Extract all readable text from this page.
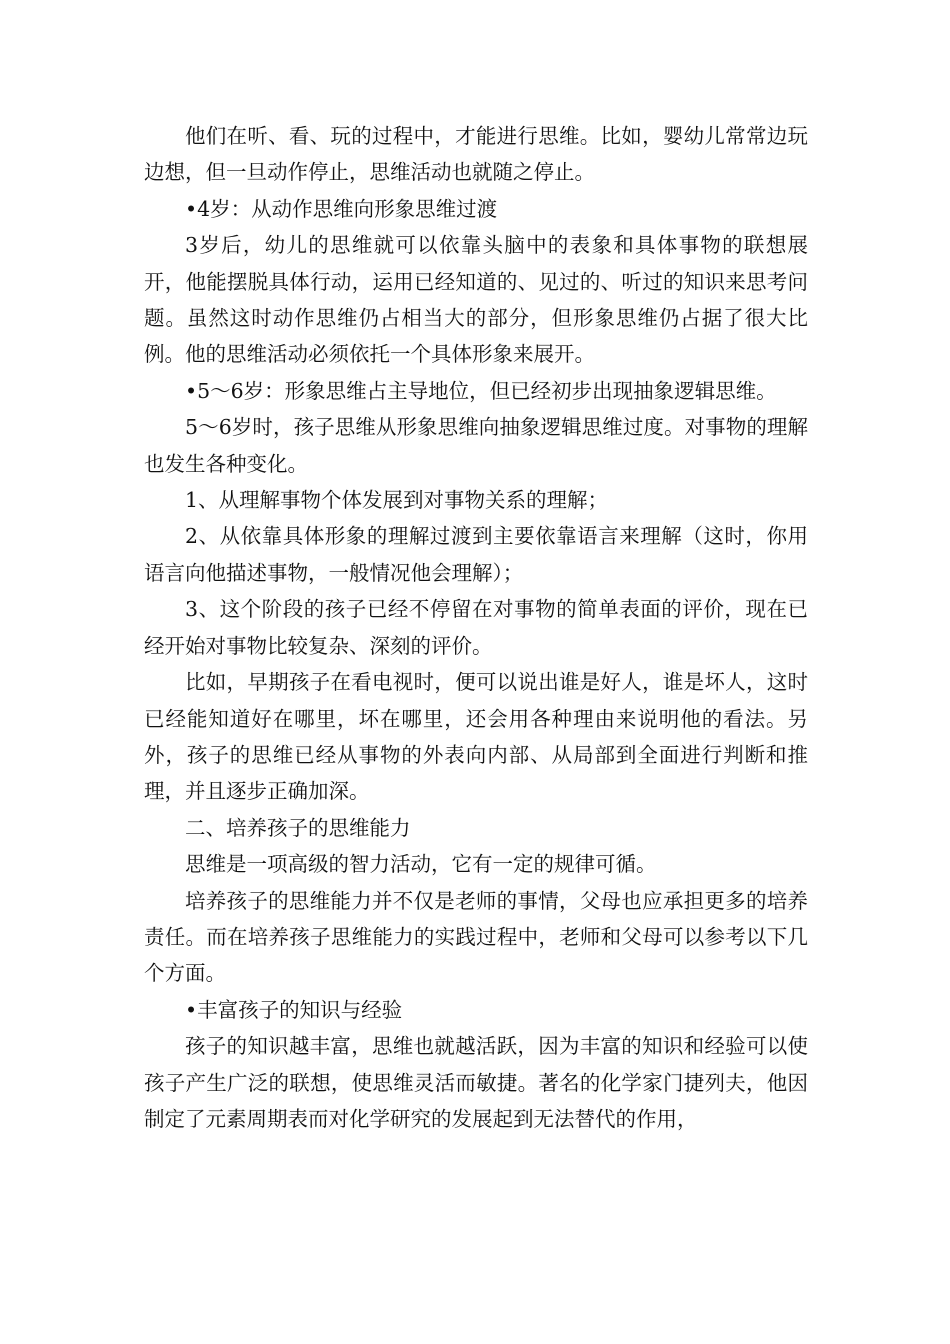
他们在听、看、玩的过程中，才能进行思维。比如，婴幼儿常常边玩边想，但一旦动作停止，思维活动也就随之停止。

•4岁：从动作思维向形象思维过渡

3岁后，幼儿的思维就可以依靠头脑中的表象和具体事物的联想展开，他能摆脱具体行动，运用已经知道的、见过的、听过的知识来思考问题。虽然这时动作思维仍占相当大的部分，但形象思维仍占据了很大比例。他的思维活动必须依托一个具体形象来展开。

•5～6岁：形象思维占主导地位，但已经初步出现抽象逻辑思维。

5～6岁时，孩子思维从形象思维向抽象逻辑思维过度。对事物的理解也发生各种变化。

1、从理解事物个体发展到对事物关系的理解；

2、从依靠具体形象的理解过渡到主要依靠语言来理解（这时，你用语言向他描述事物，一般情况他会理解）；

3、这个阶段的孩子已经不停留在对事物的简单表面的评价，现在已经开始对事物比较复杂、深刻的评价。

比如，早期孩子在看电视时，便可以说出谁是好人，谁是坏人，这时已经能知道好在哪里，坏在哪里，还会用各种理由来说明他的看法。另外，孩子的思维已经从事物的外表向内部、从局部到全面进行判断和推理，并且逐步正确加深。

二、培养孩子的思维能力

思维是一项高级的智力活动，它有一定的规律可循。

培养孩子的思维能力并不仅是老师的事情，父母也应承担更多的培养责任。而在培养孩子思维能力的实践过程中，老师和父母可以参考以下几个方面。

•丰富孩子的知识与经验

孩子的知识越丰富，思维也就越活跃，因为丰富的知识和经验可以使孩子产生广泛的联想，使思维灵活而敏捷。著名的化学家门捷列夫，他因制定了元素周期表而对化学研究的发展起到无法替代的作用，
